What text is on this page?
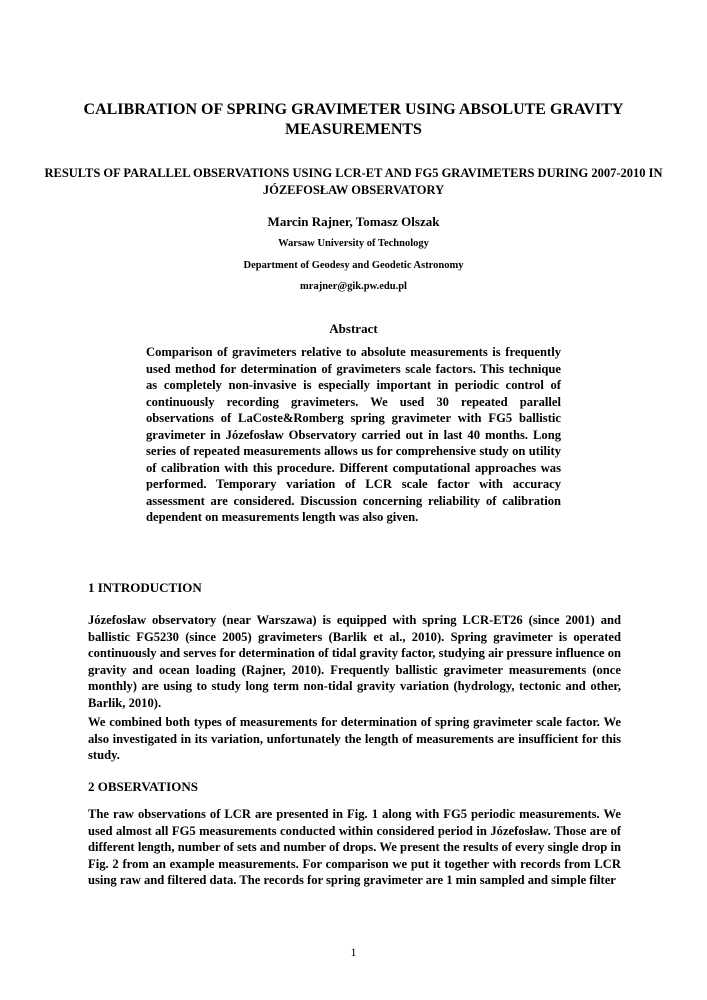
CALIBRATION OF SPRING GRAVIMETER USING ABSOLUTE GRAVITY MEASUREMENTS
RESULTS OF PARALLEL OBSERVATIONS USING LCR-ET AND FG5 GRAVIMETERS DURING 2007-2010 IN JÓZEFOSŁAW OBSERVATORY
Marcin Rajner, Tomasz Olszak
Warsaw University of Technology
Department of Geodesy and Geodetic Astronomy
mrajner@gik.pw.edu.pl
Abstract

Comparison of gravimeters relative to absolute measurements is frequently used method for determination of gravimeters scale factors. This technique as completely non-invasive is especially important in periodic control of continuously recording gravimeters. We used 30 repeated parallel observations of LaCoste&Romberg spring gravimeter with FG5 ballistic gravimeter in Józefosław Observatory carried out in last 40 months. Long series of repeated measurements allows us for comprehensive study on utility of calibration with this procedure. Different computational approaches was performed. Temporary variation of LCR scale factor with accuracy assessment are considered. Discussion concerning reliability of calibration dependent on measurements length was also given.

1 INTRODUCTION

Józefosław observatory (near Warszawa) is equipped with spring LCR-ET26 (since 2001) and ballistic FG5230 (since 2005) gravimeters (Barlik et al., 2010). Spring gravimeter is operated continuously and serves for determination of tidal gravity factor, studying air pressure influence on gravity and ocean loading (Rajner, 2010). Frequently ballistic gravimeter measurements (once monthly) are using to study long term non-tidal gravity variation (hydrology, tectonic and other, Barlik, 2010).

We combined both types of measurements for determination of spring gravimeter scale factor. We also investigated in its variation, unfortunately the length of measurements are insufficient for this study.

2 OBSERVATIONS

The raw observations of LCR are presented in Fig. 1 along with FG5 periodic measurements. We used almost all FG5 measurements conducted within considered period in Józefosław. Those are of different length, number of sets and number of drops. We present the results of every single drop in Fig. 2 from an example measurements. For comparison we put it together with records from LCR using raw and filtered data. The records for spring gravimeter are 1 min sampled and simple filter

1
